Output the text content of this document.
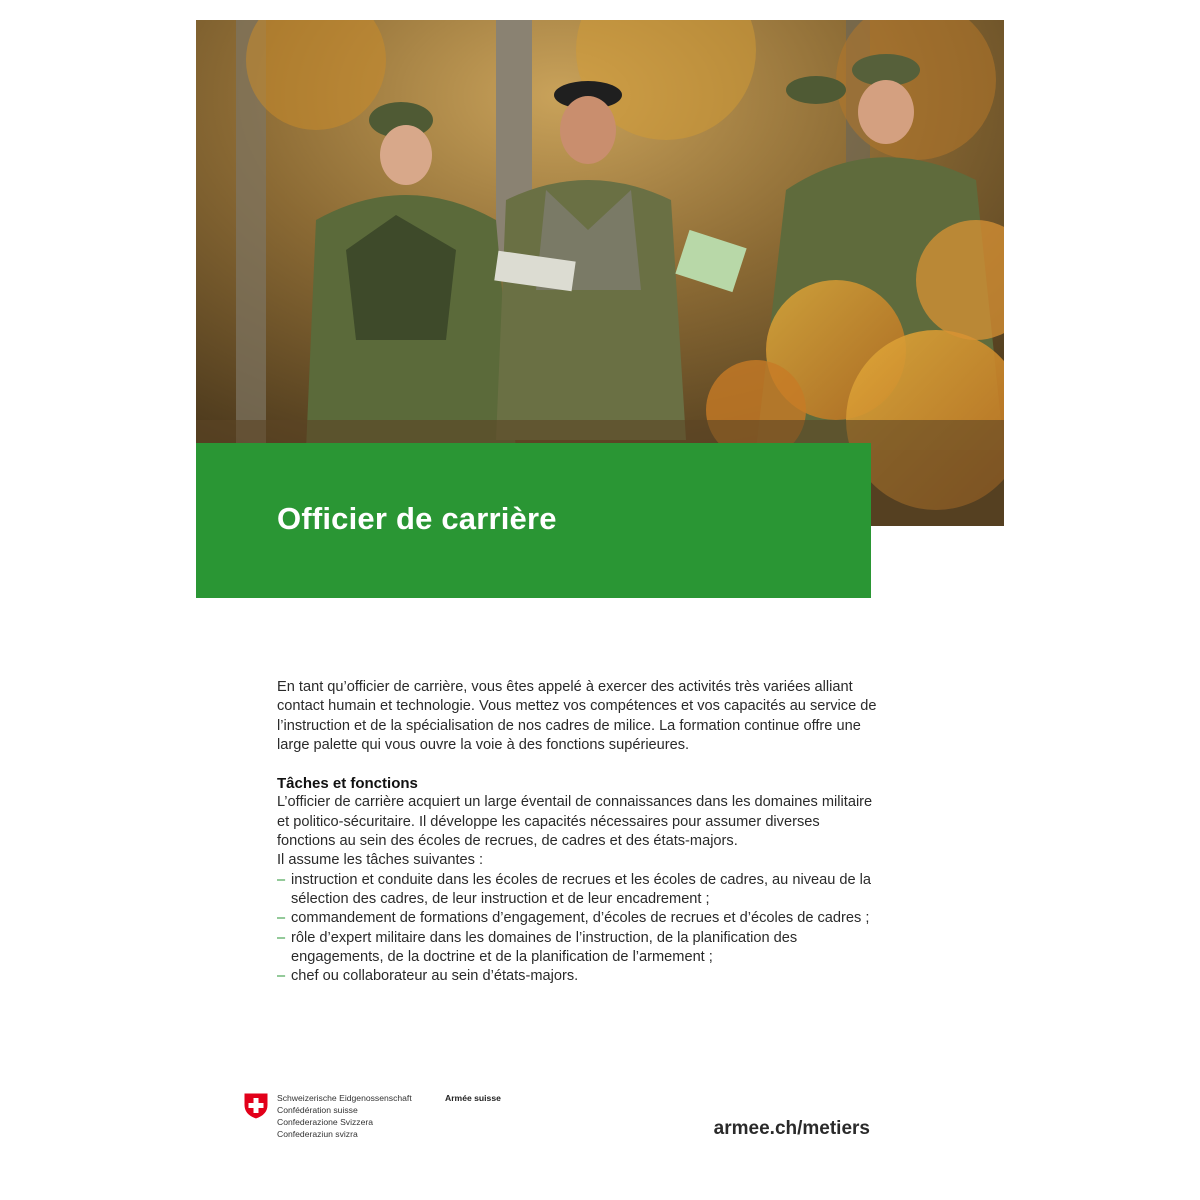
Officier de carrière

En tant qu’officier de carrière, vous êtes appelé à exercer des activités très variées alliant contact humain et technologie. Vous mettez vos compétences et vos capacités au service de l’instruction et de la spécialisation de nos cadres de milice. La formation continue offre une large palette qui vous ouvre la voie à des fonctions supérieures.

Tâches et fonctions

L’officier de carrière acquiert un large éventail de connaissances dans les domaines militaire et politico-sécuritaire. Il développe les capacités nécessaires pour assumer diverses fonctions au sein des écoles de recrues, de cadres et des états-majors.

Il assume les tâches suivantes :

– instruction et conduite dans les écoles de recrues et les écoles de cadres, au niveau de la sélection des cadres, de leur instruction et de leur encadrement ;
– commandement de formations d’engagement, d’écoles de recrues et d’écoles de cadres ;
– rôle d’expert militaire dans les domaines de l’instruction, de la planification des engagements, de la doctrine et de la planification de l’armement ;
– chef ou collaborateur au sein d’états-majors.
Schweizerische Eidgenossenschaft
Confédération suisse
Confederazione Svizzera
Confederaziun svizra
Armée suisse
armee.ch/metiers
